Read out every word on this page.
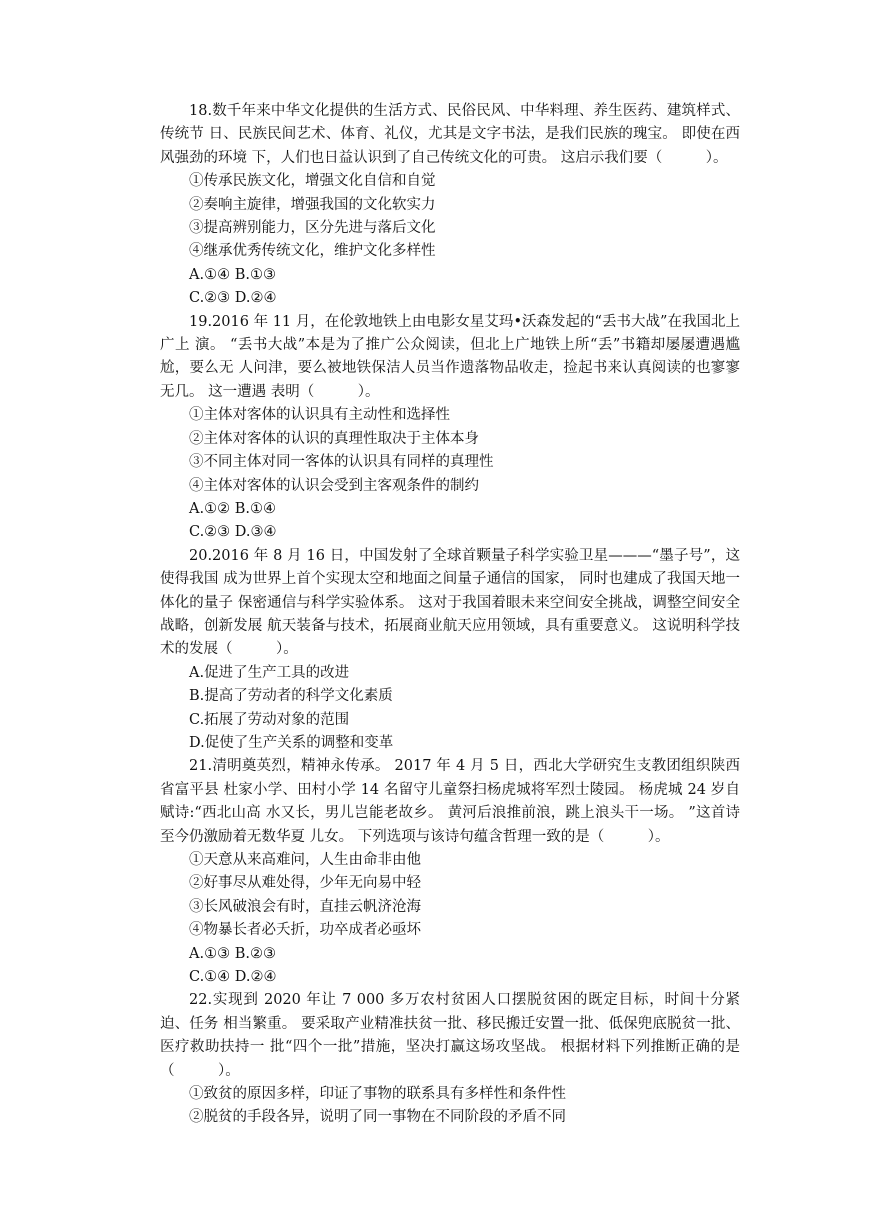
18.数千年来中华文化提供的生活方式、民俗民风、中华料理、养生医药、建筑样式、传统节 日、民族民间艺术、体育、礼仪，尤其是文字书法，是我们民族的瑰宝。 即使在西风强劲的环境 下，人们也日益认识到了自己传统文化的可贵。 这启示我们要（　　　）。

①传承民族文化，增强文化自信和自觉

②奏响主旋律，增强我国的文化软实力

③提高辨别能力，区分先进与落后文化

④继承优秀传统文化，维护文化多样性

A.①④ B.①③

C.②③ D.②④

19.2016 年 11 月，在伦敦地铁上由电影女星艾玛•沃森发起的“丢书大战”在我国北上广上 演。 “丢书大战”本是为了推广公众阅读，但北上广地铁上所“丢”书籍却屡屡遭遇尴尬，要么无 人问津，要么被地铁保洁人员当作遗落物品收走，捡起书来认真阅读的也寥寥无几。 这一遭遇 表明（　　　）。

①主体对客体的认识具有主动性和选择性

②主体对客体的认识的真理性取决于主体本身

③不同主体对同一客体的认识具有同样的真理性

④主体对客体的认识会受到主客观条件的制约

A.①② B.①④

C.②③ D.③④

20.2016 年 8 月 16 日，中国发射了全球首颗量子科学实验卫星———“墨子号”，这使得我国 成为世界上首个实现太空和地面之间量子通信的国家， 同时也建成了我国天地一体化的量子 保密通信与科学实验体系。 这对于我国着眼未来空间安全挑战，调整空间安全战略，创新发展 航天装备与技术，拓展商业航天应用领域，具有重要意义。 这说明科学技术的发展（　　　）。

A.促进了生产工具的改进

B.提高了劳动者的科学文化素质

C.拓展了劳动对象的范围

D.促使了生产关系的调整和变革

21.清明奠英烈，精神永传承。 2017 年 4 月 5 日，西北大学研究生支教团组织陕西省富平县 杜家小学、田村小学 14 名留守儿童祭扫杨虎城将军烈士陵园。 杨虎城 24 岁自赋诗:“西北山高 水又长，男儿岂能老故乡。 黄河后浪推前浪，跳上浪头干一场。 ”这首诗至今仍激励着无数华夏 儿女。 下列选项与该诗句蕴含哲理一致的是（　　　）。

①天意从来高难问，人生由命非由他

②好事尽从难处得，少年无向易中轻

③长风破浪会有时，直挂云帆济沧海

④物暴长者必夭折，功卒成者必亟坏

A.①③ B.②③

C.①④ D.②④

22.实现到 2020 年让 7 000 多万农村贫困人口摆脱贫困的既定目标，时间十分紧迫、任务 相当繁重。 要采取产业精准扶贫一批、移民搬迁安置一批、低保兜底脱贫一批、医疗救助扶持一 批“四个一批”措施，坚决打赢这场攻坚战。 根据材料下列推断正确的是（　　　）。

①致贫的原因多样，印证了事物的联系具有多样性和条件性

②脱贫的手段各异，说明了同一事物在不同阶段的矛盾不同
